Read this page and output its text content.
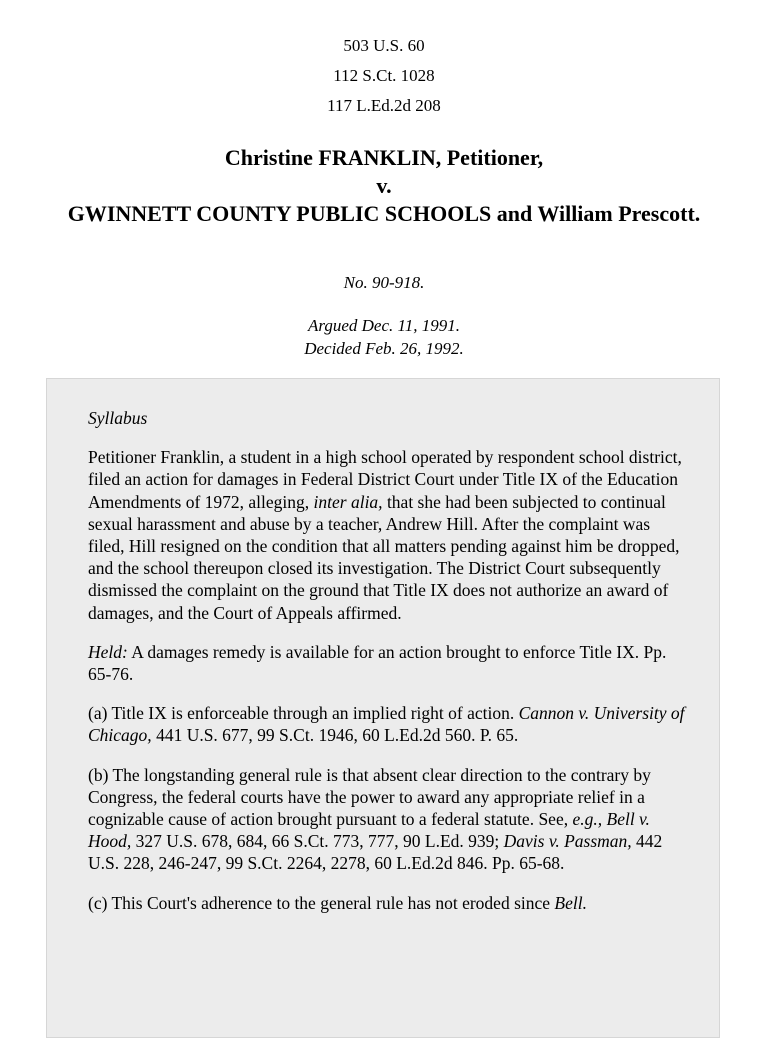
503 U.S. 60
112 S.Ct. 1028
117 L.Ed.2d 208
Christine FRANKLIN, Petitioner,
v.
GWINNETT COUNTY PUBLIC SCHOOLS and William Prescott.
No. 90-918.
Argued Dec. 11, 1991.
Decided Feb. 26, 1992.

Syllabus

Petitioner Franklin, a student in a high school operated by respondent school district, filed an action for damages in Federal District Court under Title IX of the Education Amendments of 1972, alleging, inter alia, that she had been subjected to continual sexual harassment and abuse by a teacher, Andrew Hill. After the complaint was filed, Hill resigned on the condition that all matters pending against him be dropped, and the school thereupon closed its investigation. The District Court subsequently dismissed the complaint on the ground that Title IX does not authorize an award of damages, and the Court of Appeals affirmed.

Held: A damages remedy is available for an action brought to enforce Title IX. Pp. 65-76.

(a) Title IX is enforceable through an implied right of action. Cannon v. University of Chicago, 441 U.S. 677, 99 S.Ct. 1946, 60 L.Ed.2d 560. P. 65.

(b) The longstanding general rule is that absent clear direction to the contrary by Congress, the federal courts have the power to award any appropriate relief in a cognizable cause of action brought pursuant to a federal statute. See, e.g., Bell v. Hood, 327 U.S. 678, 684, 66 S.Ct. 773, 777, 90 L.Ed. 939; Davis v. Passman, 442 U.S. 228, 246-247, 99 S.Ct. 2264, 2278, 60 L.Ed.2d 846. Pp. 65-68.

(c) This Court's adherence to the general rule has not eroded since Bell.
